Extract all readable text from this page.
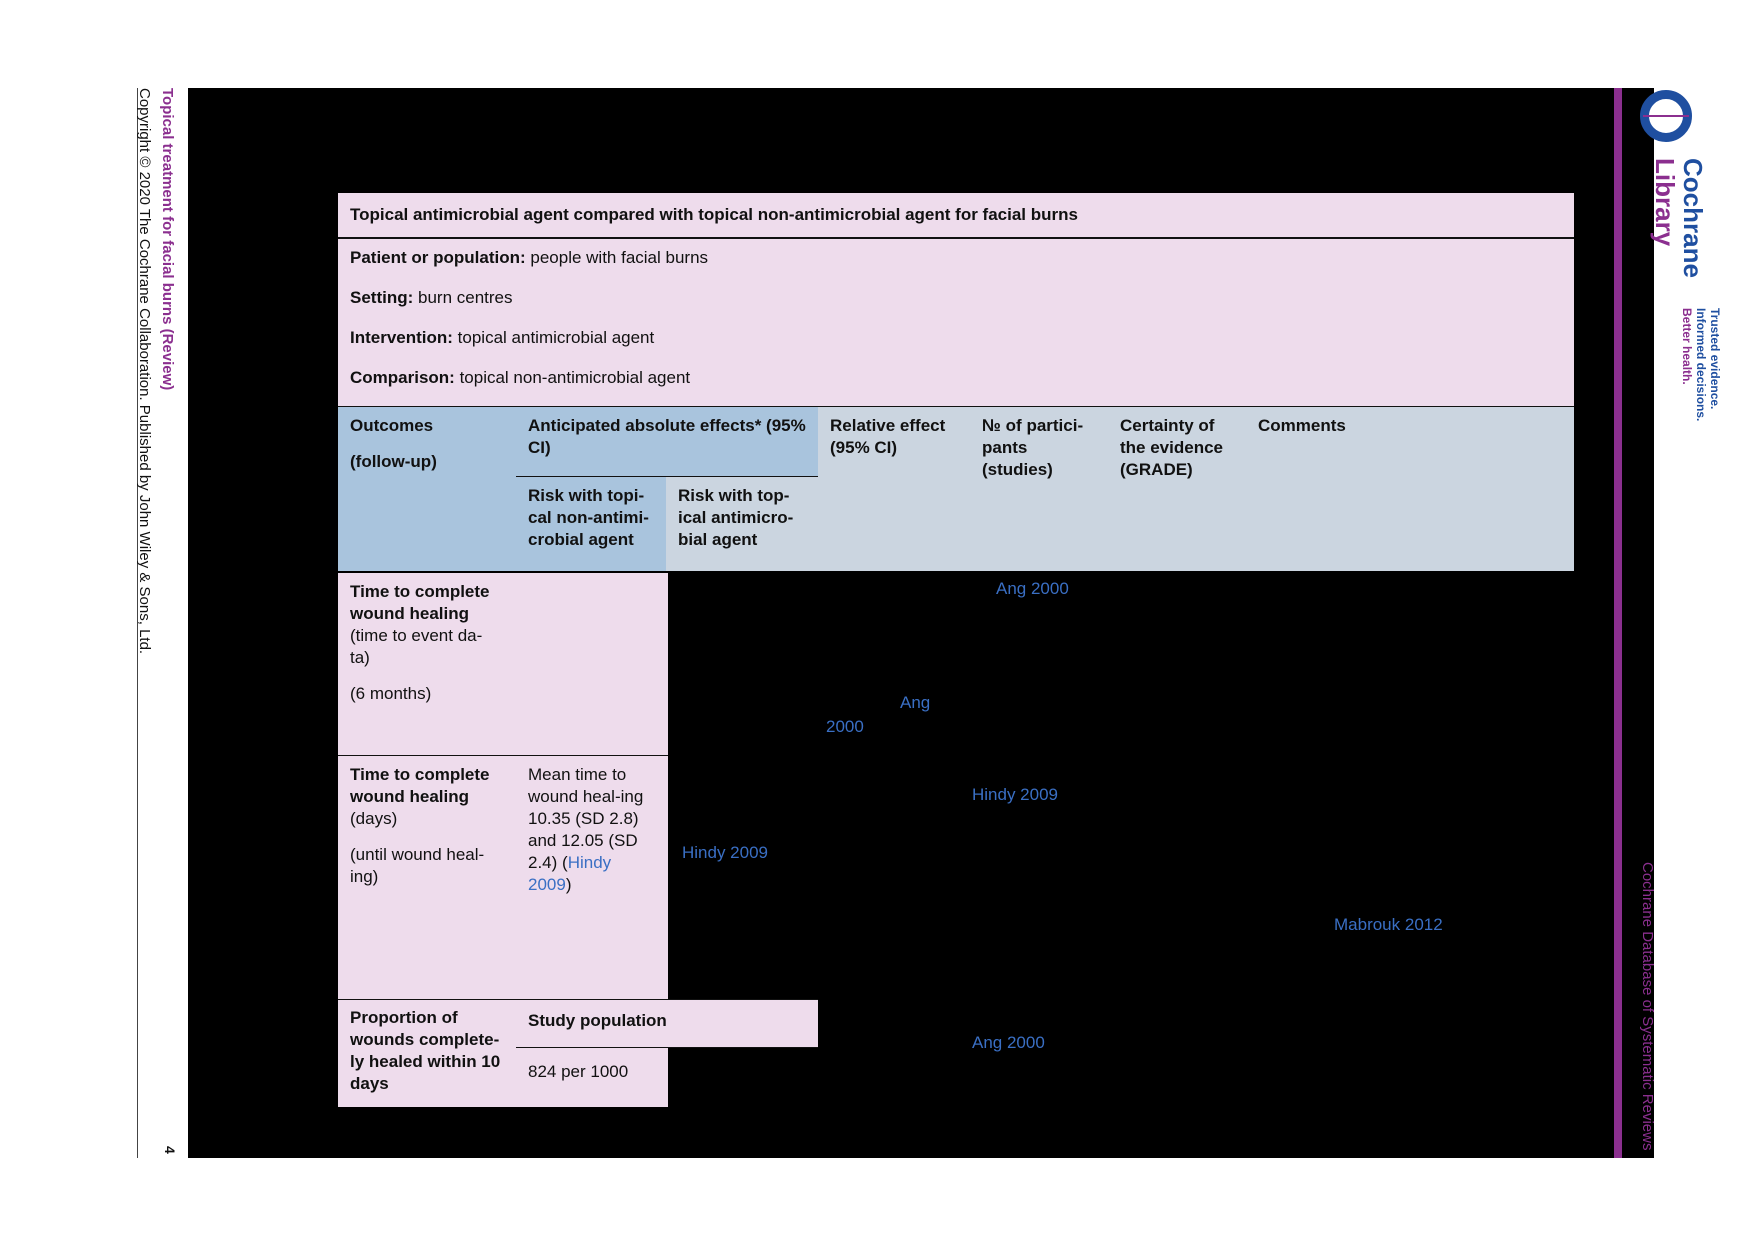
Topical treatment for facial burns (Review)
Copyright © 2020 The Cochrane Collaboration. Published by John Wiley & Sons, Ltd.
4
Cochrane
Library
Trusted evidence.
Informed decisions.
Better health.
Cochrane Database of Systematic Reviews
Topical antimicrobial agent compared with topical non-antimicrobial agent for facial burns

Patient or population: people with facial burns

Setting: burn centres

Intervention: topical antimicrobial agent

Comparison: topical non-antimicrobial agent

Outcomes
(follow-up)
Anticipated absolute effects* (95% CI)
Risk with topi-cal non-antimi-crobial agent
Risk with top-ical antimicro-bial agent
Relative effect (95% CI)
№ of partici-pants (studies)
Certainty of the evidence (GRADE)
Comments
Time to complete wound healing
(time to event da-ta)
(6 months)
Ang 2000
Ang
2000
Time to complete wound healing
(days)
(until wound heal-ing)
Mean time to wound heal-ing 10.35 (SD 2.8) and 12.05 (SD 2.4) (Hindy 2009)
Hindy 2009
Hindy 2009
Mabrouk 2012
Study population
824 per 1000
Proportion of wounds complete-ly healed within 10 days
Ang 2000
